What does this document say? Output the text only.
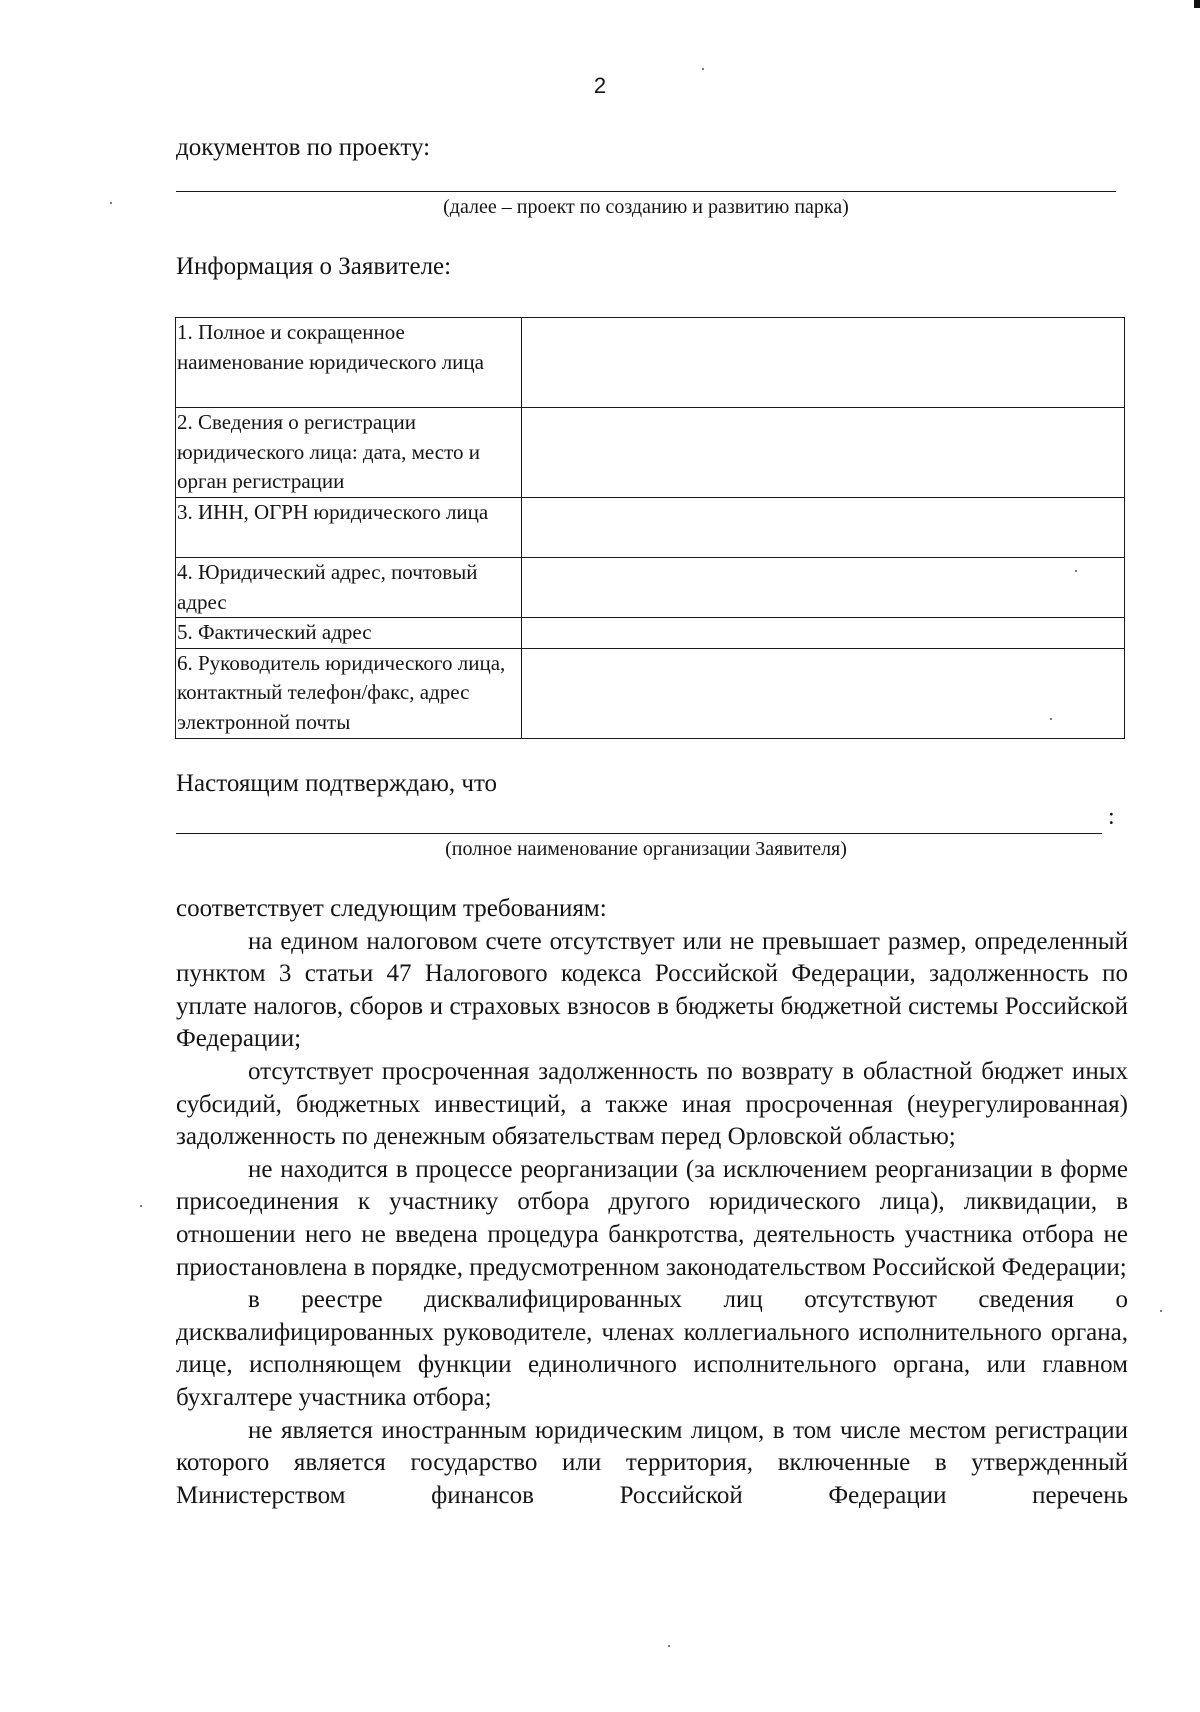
2
документов по проекту:
(далее – проект по созданию и развитию парка)
Информация о Заявителе:
1. Полное и сокращенное наименование юридического лица	
2. Сведения о регистрации юридического лица: дата, место и орган регистрации	
3. ИНН, ОГРН юридического лица	
4. Юридический адрес, почтовый адрес	
5. Фактический адрес	
6. Руководитель юридического лица, контактный телефон/факс, адрес электронной почты	
Настоящим подтверждаю, что
:
(полное наименование организации Заявителя)

соответствует следующим требованиям:

на едином налоговом счете отсутствует или не превышает размер, определенный пунктом 3 статьи 47 Налогового кодекса Российской Федерации, задолженность по уплате налогов, сборов и страховых взносов в бюджеты бюджетной системы Российской Федерации;

отсутствует просроченная задолженность по возврату в областной бюджет иных субсидий, бюджетных инвестиций, а также иная просроченная (неурегулированная) задолженность по денежным обязательствам перед Орловской областью;

не находится в процессе реорганизации (за исключением реорганизации в форме присоединения к участнику отбора другого юридического лица), ликвидации, в отношении него не введена процедура банкротства, деятельность участника отбора не приостановлена в порядке, предусмотренном законодательством Российской Федерации;

в реестре дисквалифицированных лиц отсутствуют сведения о дисквалифицированных руководителе, членах коллегиального исполнительного органа, лице, исполняющем функции единоличного исполнительного органа, или главном бухгалтере участника отбора;

не является иностранным юридическим лицом, в том числе местом регистрации которого является государство или территория, включенные в утвержденный Министерством финансов Российской Федерации перечень
